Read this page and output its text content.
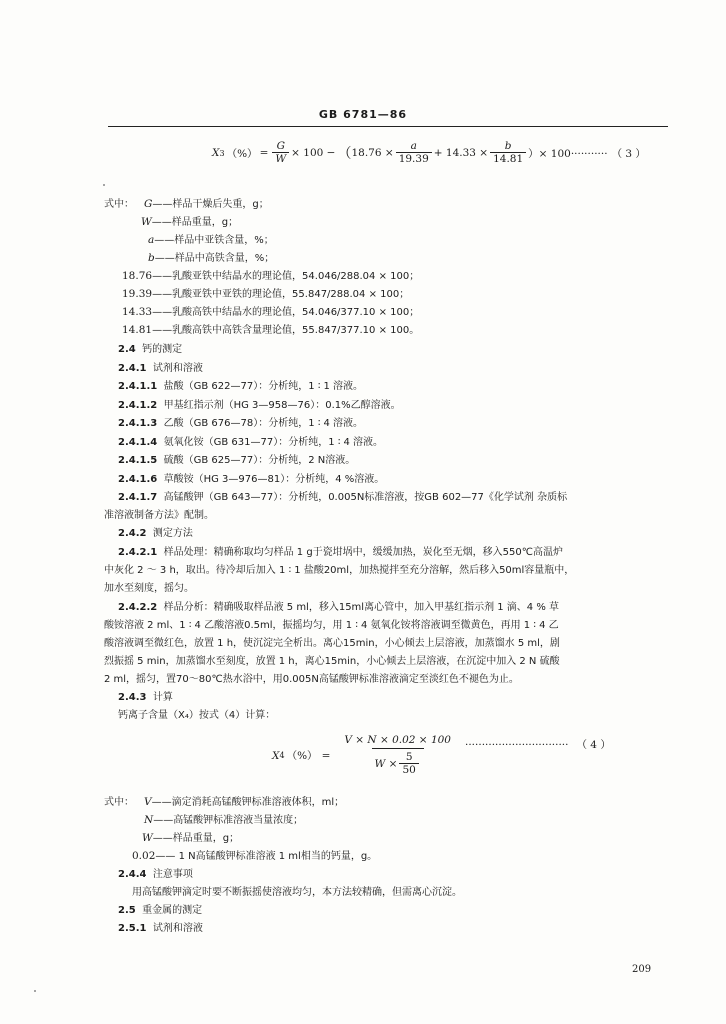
GB 6781—86
X 3 （%） = $\frac{G}{W} \times 100$ − （ $18.76 \times \frac{a}{19.39} + 14.33 \times \frac{b}{14.81}$ ）× 100··········· （ 3 ）
式中： G——样品干燥后失重，g；
W——样品重量，g；
a——样品中亚铁含量，%；
b——样品中高铁含量，%；
18.76——乳酸亚铁中结晶水的理论值，54.046/288.04 × 100；
19.39——乳酸亚铁中亚铁的理论值，55.847/288.04 × 100；
14.33——乳酸高铁中结晶水的理论值，54.046/377.10 × 100；
14.81——乳酸高铁中高铁含量理论值，55.847/377.10 × 100。
2.4 钙的测定
2.4.1 试剂和溶液
2.4.1.1 盐酸（GB 622—77）：分析纯，1 ∶ 1 溶液。
2.4.1.2 甲基红指示剂（HG 3—958—76）：0.1%乙醇溶液。
2.4.1.3 乙酸（GB 676—78）：分析纯，1 ∶ 4 溶液。
2.4.1.4 氨氧化铵（GB 631—77）：分析纯，1 ∶ 4 溶液。
2.4.1.5 硫酸（GB 625—77）：分析纯，2 N溶液。
2.4.1.6 草酸铵（HG 3—976—81）：分析纯，4 %溶液。
2.4.1.7 高锰酸钾（GB 643—77）：分析纯，0.005N标准溶液，按GB 602—77《化学试剂 杂质标
准溶液制备方法》配制。
2.4.2 测定方法
2.4.2.1 样品处理：精确称取均匀样品 1 g于瓷坩埚中，缓缓加热，炭化至无烟，移入550℃高温炉
中灰化 2 ～ 3 h，取出。待冷却后加入 1 ∶ 1 盐酸20ml，加热搅拌至充分溶解，然后移入50ml容量瓶中，
加水至刻度，摇匀。
2.4.2.2 样品分析：精确吸取样品液 5 ml，移入15ml离心管中，加入甲基红指示剂 1 滴、4 % 草
酸铵溶液 2 ml、1 ∶ 4 乙酸溶液0.5ml，振摇均匀，用 1 ∶ 4 氨氧化铵将溶液调至微黄色，再用 1 ∶ 4 乙
酸溶液调至微红色，放置 1 h，使沉淀完全析出。离心15min，小心倾去上层溶液，加蒸馏水 5 ml，剧
烈振摇 5 min，加蒸馏水至刻度，放置 1 h，离心15min，小心倾去上层溶液，在沉淀中加入 2 N 硫酸
2 ml，摇匀，置70～80℃热水浴中，用0.005N高锰酸钾标准溶液滴定至淡红色不褪色为止。
2.4.3 计算
钙离子含量（X₄）按式（4）计算：
X 4 （%） = $\frac{V \times N \times 0.02 \times 100}{W \times \frac{5}{50}}$ ······························· （ 4 ）
式中： V——滴定消耗高锰酸钾标准溶液体积，ml；
N——高锰酸钾标准溶液当量浓度；
W——样品重量，g；
0.02—— 1 N高锰酸钾标准溶液 1 ml相当的钙量，g。
2.4.4 注意事项
用高锰酸钾滴定时要不断振摇使溶液均匀，本方法较精确，但需离心沉淀。
2.5 重金属的测定
2.5.1 试剂和溶液
209
